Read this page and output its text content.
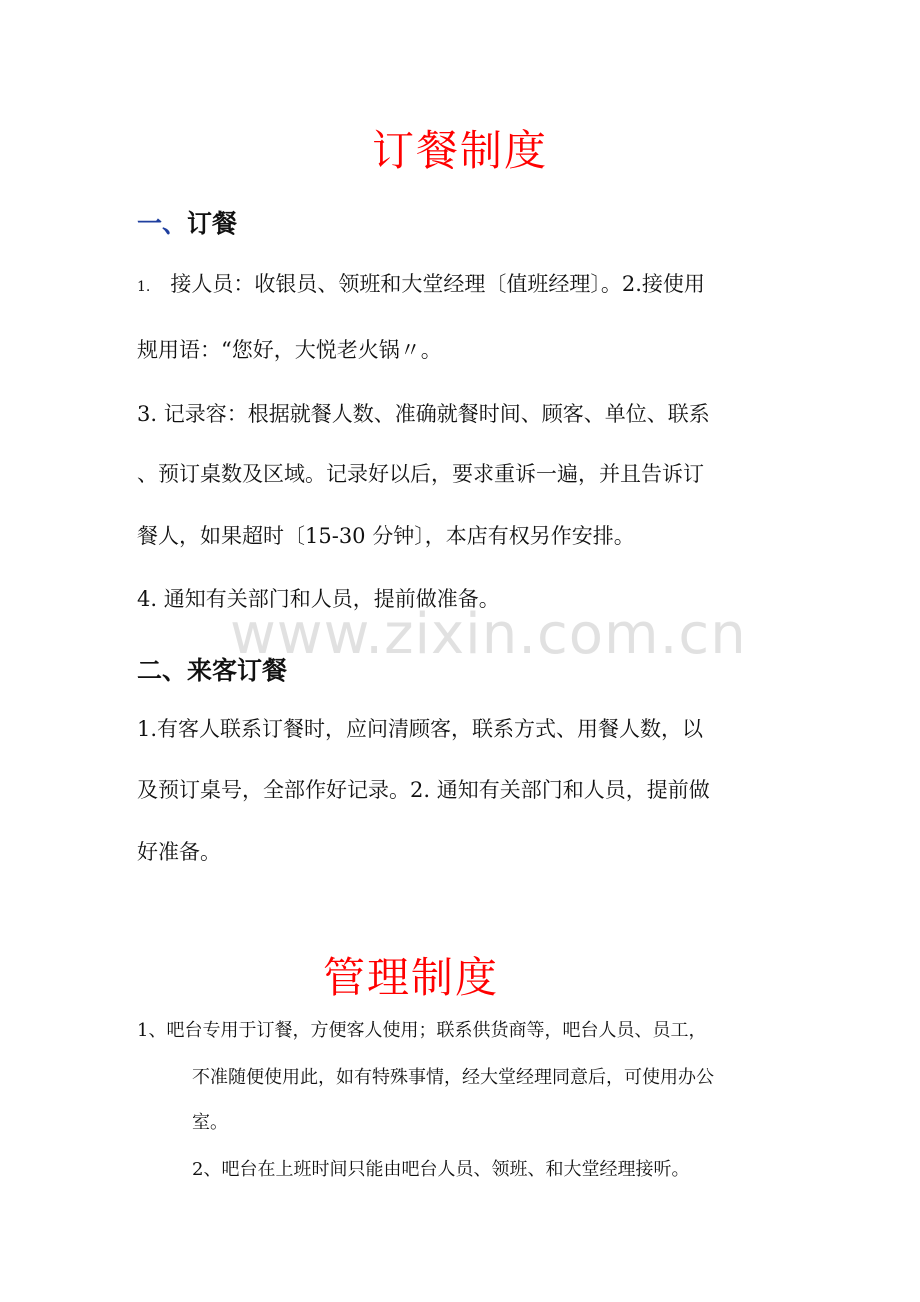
订餐制度
一、订餐

1. 接人员：收银员、领班和大堂经理〔值班经理〕。2.接使用

规用语：“您好，大悦老火锅〃。

3. 记录容：根据就餐人数、准确就餐时间、顾客、单位、联系

、预订桌数及区域。记录好以后，要求重诉一遍，并且告诉订

餐人，如果超时〔15-30 分钟〕，本店有权另作安排。

4. 通知有关部门和人员，提前做准备。

www.zixin.com.cn
二、来客订餐

1.有客人联系订餐时，应问清顾客，联系方式、用餐人数，以

及预订桌号，全部作好记录。2. 通知有关部门和人员，提前做

好准备。

管理制度

1、吧台专用于订餐，方便客人使用；联系供货商等，吧台人员、员工，

不准随便使用此，如有特殊事情，经大堂经理同意后，可使用办公

室。

2、吧台在上班时间只能由吧台人员、领班、和大堂经理接听。
